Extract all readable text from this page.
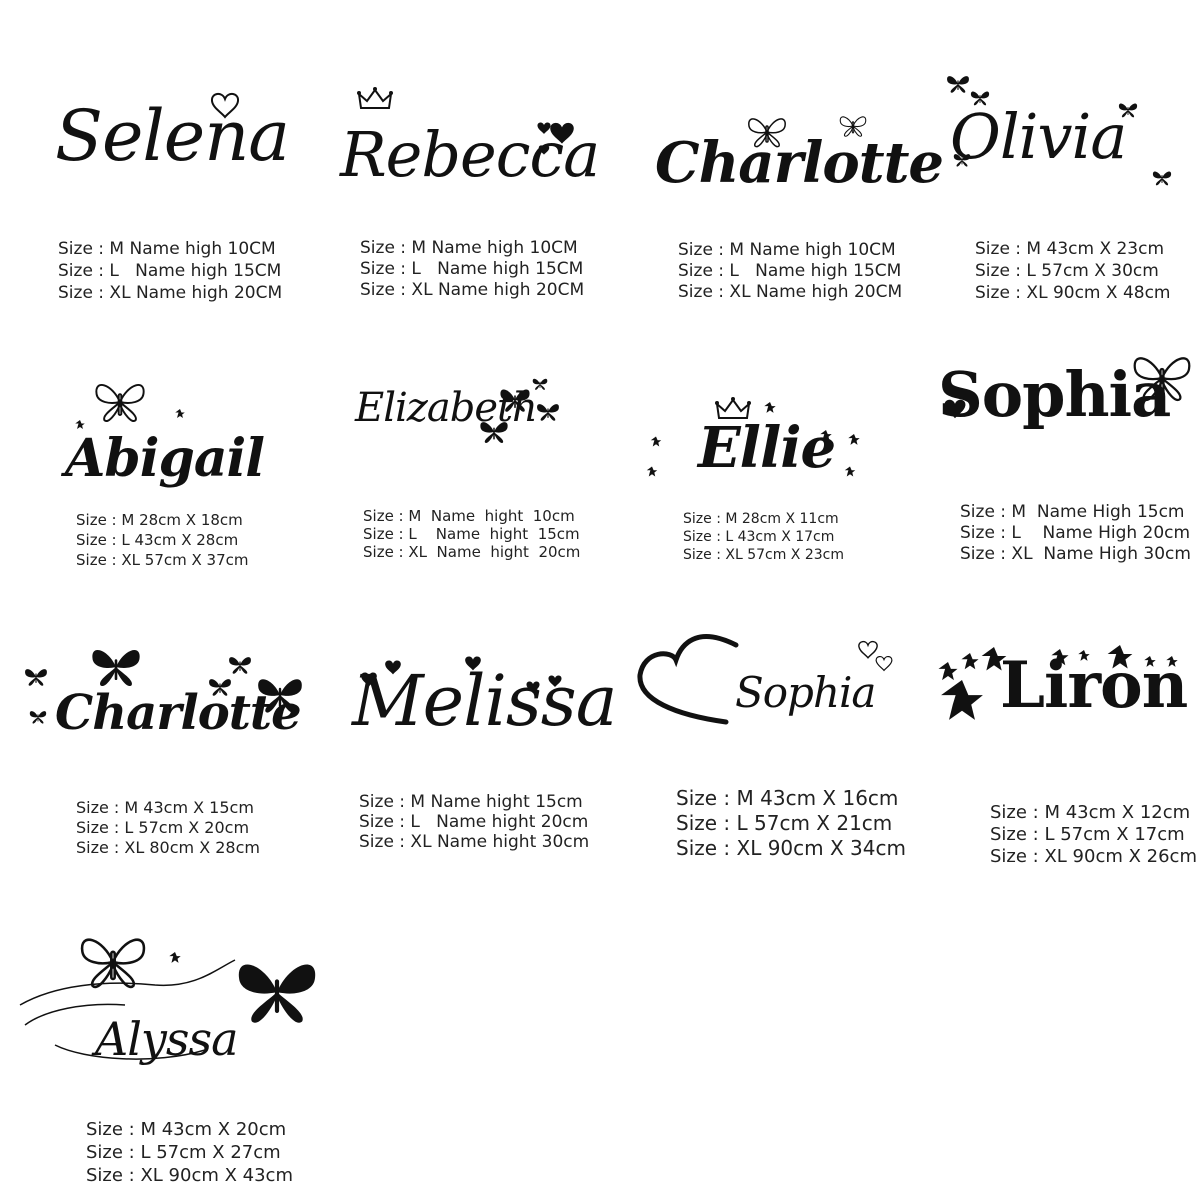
Selena
Size : M Name high 10CM
Size : L   Name high 15CM
Size : XL Name high 20CM
Rebecca
Size : M Name high 10CM
Size : L   Name high 15CM
Size : XL Name high 20CM
Charlotte
Size : M Name high 10CM
Size : L   Name high 15CM
Size : XL Name high 20CM
Olivia
Size : M 43cm X 23cm
Size : L 57cm X 30cm
Size : XL 90cm X 48cm
Abigail
Size : M 28cm X 18cm
Size : L 43cm X 28cm
Size : XL 57cm X 37cm
Elizabeth
Size : M  Name  hight  10cm
Size : L    Name  hight  15cm
Size : XL  Name  hight  20cm
Ellie
Size : M 28cm X 11cm
Size : L 43cm X 17cm
Size : XL 57cm X 23cm
Sophia
Size : M  Name High 15cm
Size : L    Name High 20cm
Size : XL  Name High 30cm
Charlotte
Size : M 43cm X 15cm
Size : L 57cm X 20cm
Size : XL 80cm X 28cm
Melissa
Size : M Name hight 15cm
Size : L   Name hight 20cm
Size : XL Name hight 30cm
Sophia
Size : M 43cm X 16cm
Size : L 57cm X 21cm
Size : XL 90cm X 34cm
Liron
Size : M 43cm X 12cm
Size : L 57cm X 17cm
Size : XL 90cm X 26cm
Alyssa
Size : M 43cm X 20cm
Size : L 57cm X 27cm
Size : XL 90cm X 43cm
